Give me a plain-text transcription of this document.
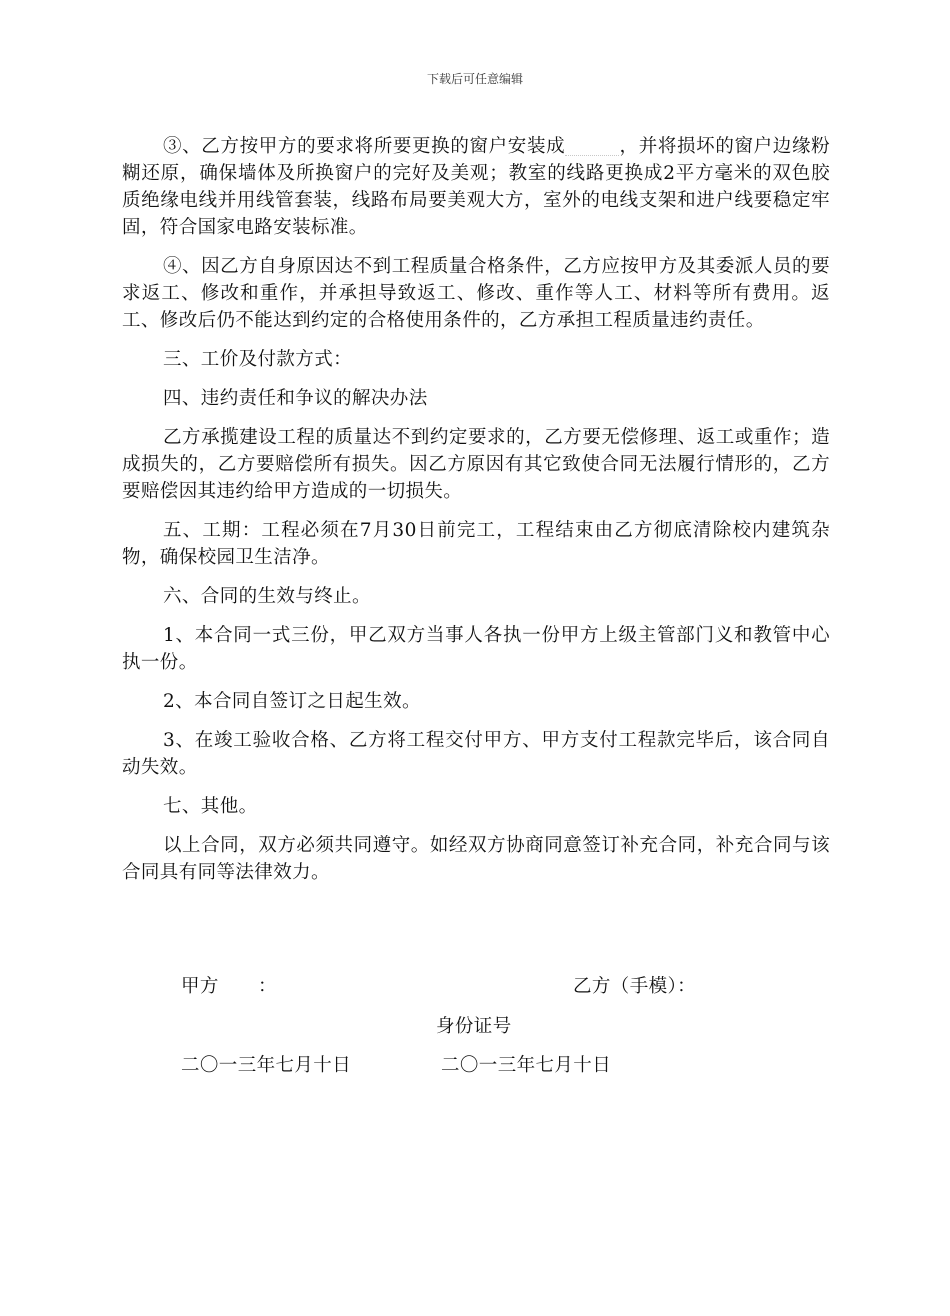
下载后可任意编辑

③、乙方按甲方的要求将所要更换的窗户安装成	，并将损坏的窗户边缘粉糊还原，确保墙体及所换窗户的完好及美观；教室的线路更换成2平方毫米的双色胶质绝缘电线并用线管套装，线路布局要美观大方，室外的电线支架和进户线要稳定牢固，符合国家电路安装标准。

④、因乙方自身原因达不到工程质量合格条件，乙方应按甲方及其委派人员的要求返工、修改和重作，并承担导致返工、修改、重作等人工、材料等所有费用。返工、修改后仍不能达到约定的合格使用条件的，乙方承担工程质量违约责任。

三、工价及付款方式：

四、违约责任和争议的解决办法

乙方承揽建设工程的质量达不到约定要求的，乙方要无偿修理、返工或重作；造成损失的，乙方要赔偿所有损失。因乙方原因有其它致使合同无法履行情形的，乙方要赔偿因其违约给甲方造成的一切损失。

五、工期：工程必须在7月30日前完工，工程结束由乙方彻底清除校内建筑杂物，确保校园卫生洁净。

六、合同的生效与终止。

1、本合同一式三份，甲乙双方当事人各执一份甲方上级主管部门义和教管中心执一份。

2、本合同自签订之日起生效。

3、在竣工验收合格、乙方将工程交付甲方、甲方支付工程款完毕后，该合同自动失效。

七、其他。

以上合同，双方必须共同遵守。如经双方协商同意签订补充合同，补充合同与该合同具有同等法律效力。

甲方 ：	乙方（手模）：
身份证号
二〇一三年七月十日	二〇一三年七月十日
